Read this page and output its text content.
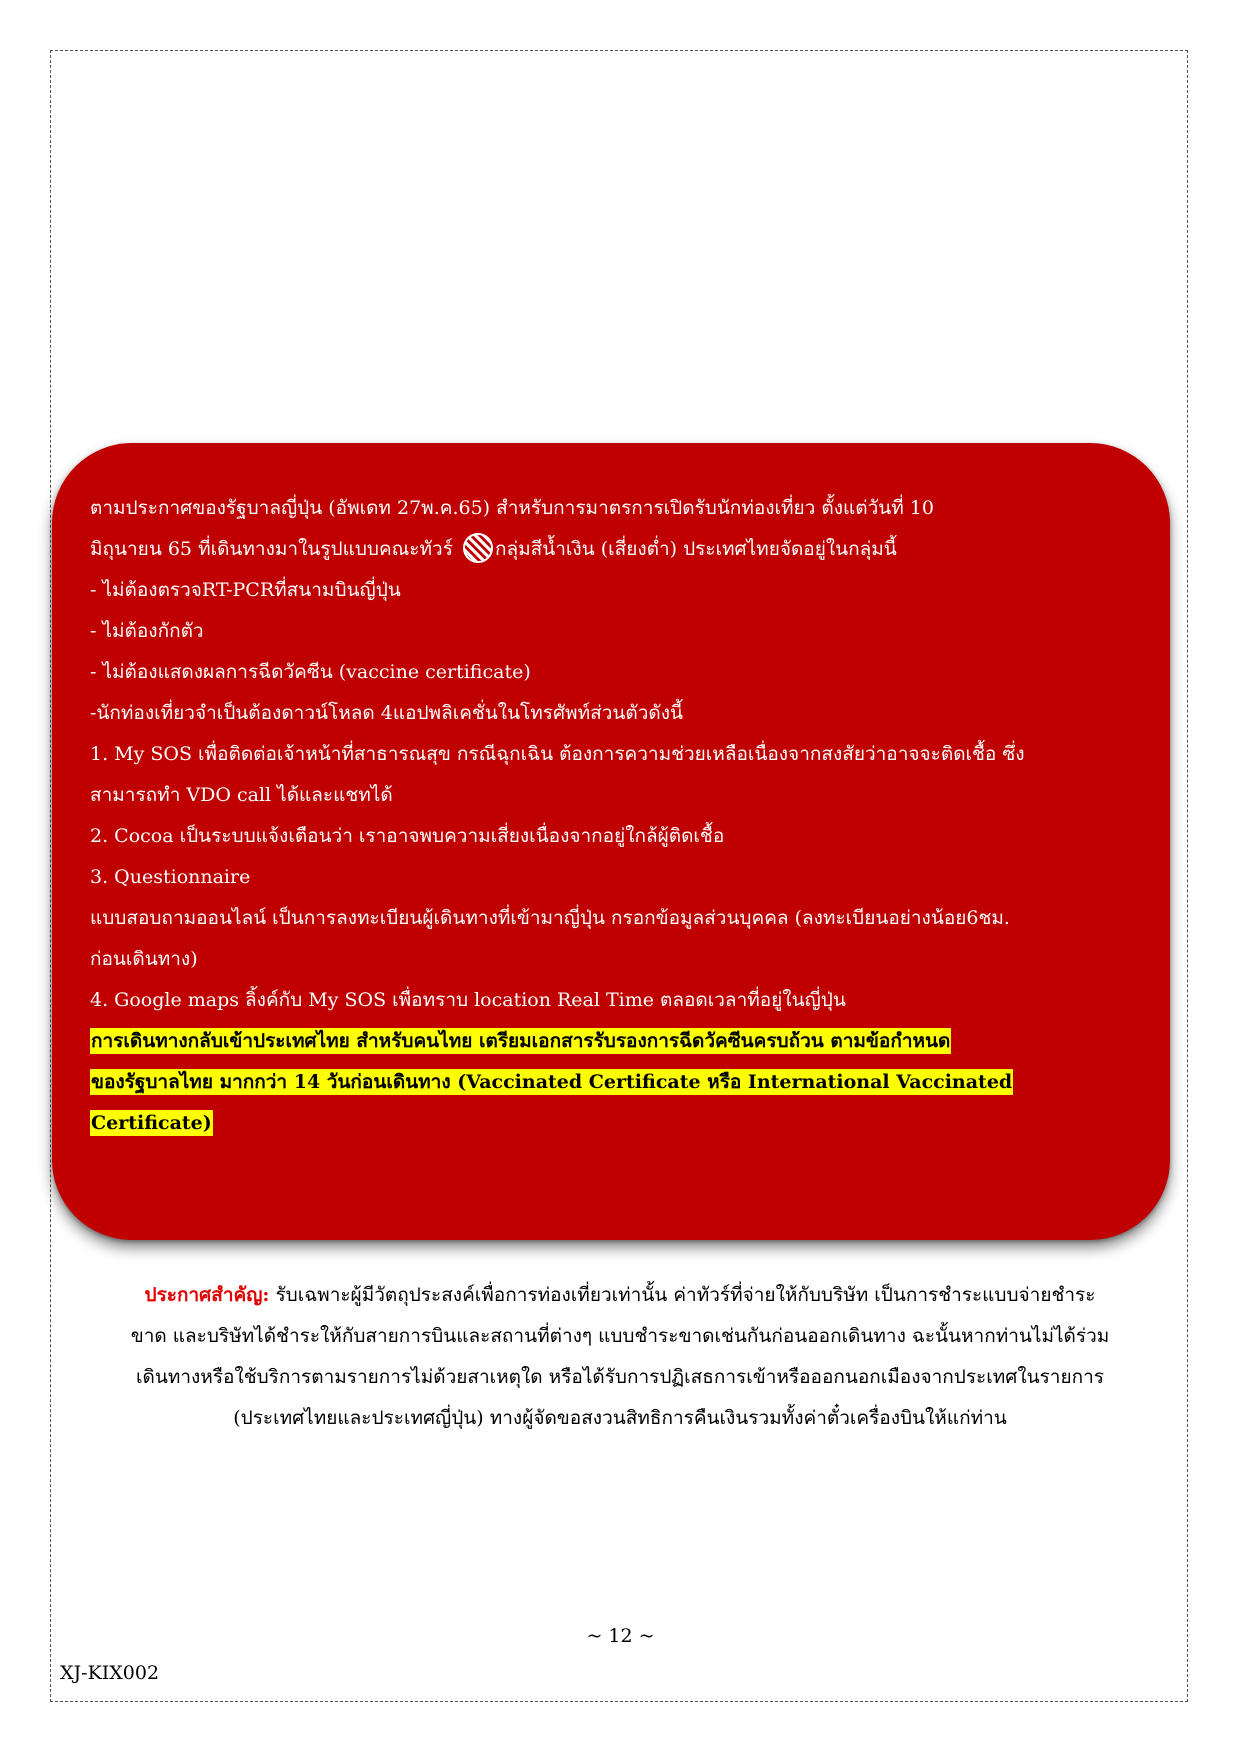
ตามประกาศของรัฐบาลญี่ปุ่น (อัพเดท 27พ.ค.65) สำหรับการมาตรการเปิดรับนักท่องเที่ยว ตั้งแต่วันที่ 10
มิถุนายน 65 ที่เดินทางมาในรูปแบบคณะทัวร์ กลุ่มสีน้ำเงิน (เสี่ยงต่ำ) ประเทศไทยจัดอยู่ในกลุ่มนี้
- ไม่ต้องตรวจRT-PCRที่สนามบินญี่ปุ่น
- ไม่ต้องกักตัว
- ไม่ต้องแสดงผลการฉีดวัคซีน (vaccine certificate)
-นักท่องเที่ยวจำเป็นต้องดาวน์โหลด 4แอปพลิเคชั่นในโทรศัพท์ส่วนตัวดังนี้
1. My SOS เพื่อติดต่อเจ้าหน้าที่สาธารณสุข กรณีฉุกเฉิน ต้องการความช่วยเหลือเนื่องจากสงสัยว่าอาจจะติดเชื้อ ซึ่ง
สามารถทำ VDO call ได้และแชทได้
2. Cocoa เป็นระบบแจ้งเตือนว่า เราอาจพบความเสี่ยงเนื่องจากอยู่ใกล้ผู้ติดเชื้อ
3. Questionnaire
แบบสอบถามออนไลน์ เป็นการลงทะเบียนผู้เดินทางที่เข้ามาญี่ปุ่น กรอกข้อมูลส่วนบุคคล (ลงทะเบียนอย่างน้อย6ชม.
ก่อนเดินทาง)
4. Google maps ลิ้งค์กับ My SOS เพื่อทราบ location Real Time ตลอดเวลาที่อยู่ในญี่ปุ่น
การเดินทางกลับเข้าประเทศไทย สำหรับคนไทย เตรียมเอกสารรับรองการฉีดวัคซีนครบถ้วน ตามข้อกำหนด
ของรัฐบาลไทย มากกว่า 14 วันก่อนเดินทาง (Vaccinated Certificate หรือ International Vaccinated
Certificate)
ประกาศสำคัญ: รับเฉพาะผู้มีวัตถุประสงค์เพื่อการท่องเที่ยวเท่านั้น ค่าทัวร์ที่จ่ายให้กับบริษัท เป็นการชำระแบบจ่ายชำระ
ขาด และบริษัทได้ชำระให้กับสายการบินและสถานที่ต่างๆ แบบชำระขาดเช่นกันก่อนออกเดินทาง ฉะนั้นหากท่านไม่ได้ร่วม
เดินทางหรือใช้บริการตามรายการไม่ด้วยสาเหตุใด หรือได้รับการปฏิเสธการเข้าหรือออกนอกเมืองจากประเทศในรายการ
(ประเทศไทยและประเทศญี่ปุ่น) ทางผู้จัดขอสงวนสิทธิการคืนเงินรวมทั้งค่าตั๋วเครื่องบินให้แก่ท่าน
~ 12 ~
XJ-KIX002
